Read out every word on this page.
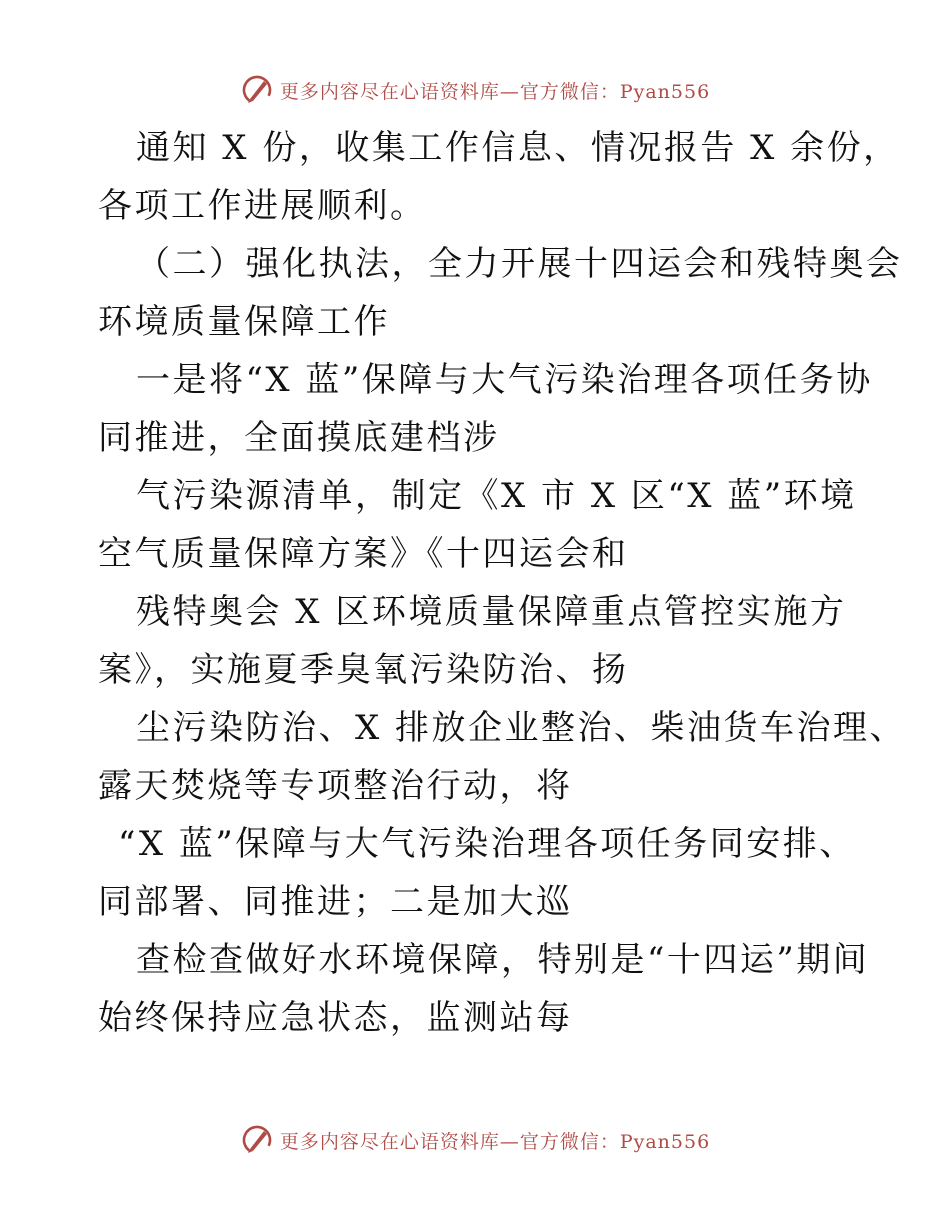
更多内容尽在心语资料库—官方微信：Pyan556
通知 X 份，收集工作信息、情况报告 X 余份，
各项工作进展顺利。
（二）强化执法，全力开展十四运会和残特奥会
环境质量保障工作
一是将“X 蓝”保障与大气污染治理各项任务协
同推进，全面摸底建档涉
气污染源清单，制定《X 市 X 区“X 蓝”环境
空气质量保障方案》《十四运会和
残特奥会 X 区环境质量保障重点管控实施方
案》，实施夏季臭氧污染防治、扬
尘污染防治、X 排放企业整治、柴油货车治理、
露天焚烧等专项整治行动，将
“X 蓝”保障与大气污染治理各项任务同安排、
同部署、同推进；二是加大巡
查检查做好水环境保障，特别是“十四运”期间
始终保持应急状态，监测站每
更多内容尽在心语资料库—官方微信：Pyan556
